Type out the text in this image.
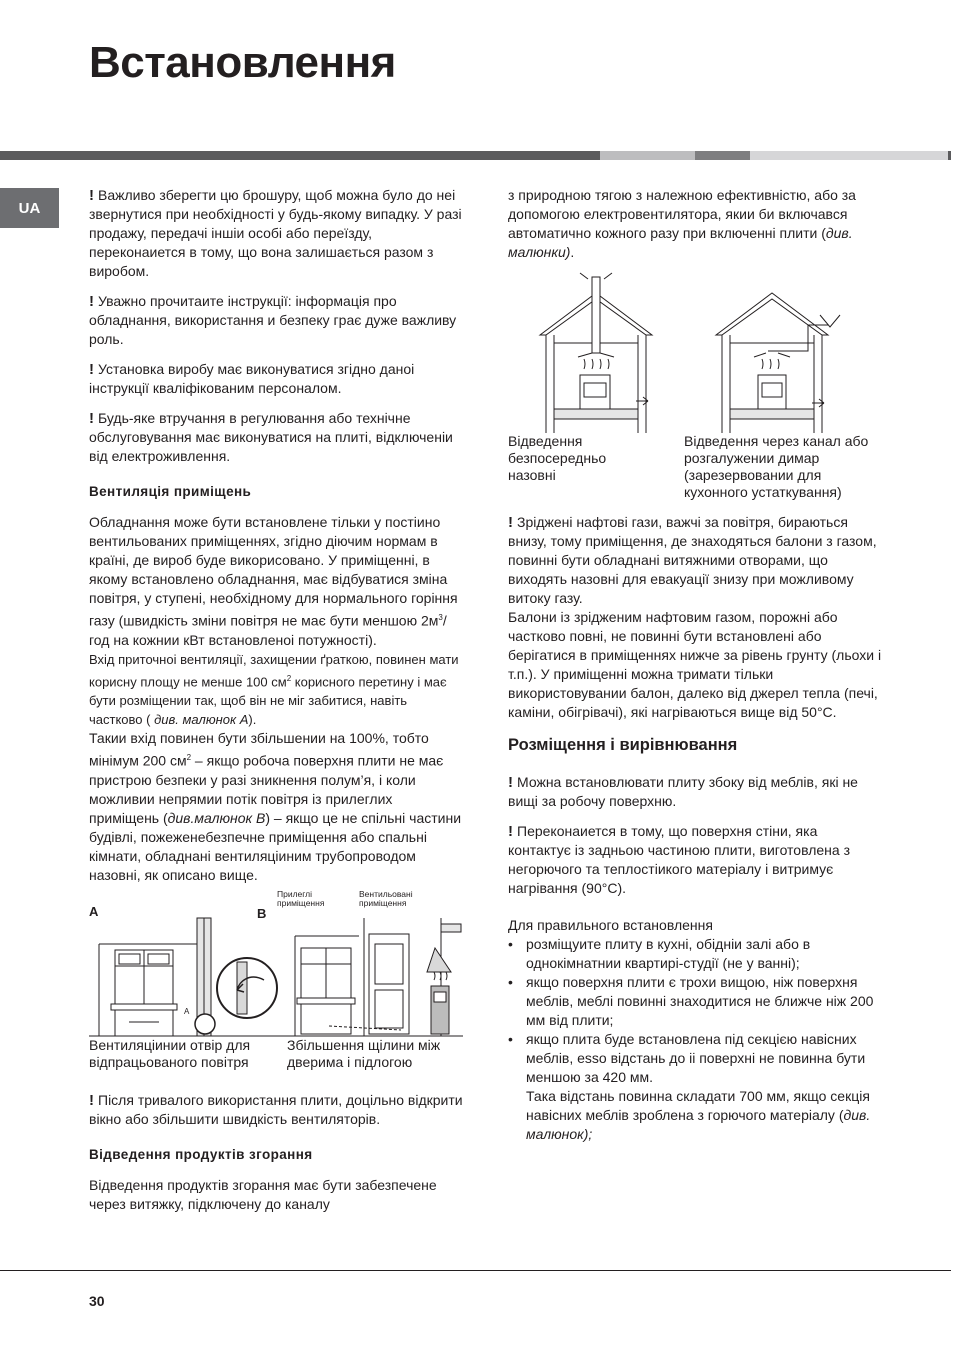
Встановлення
UA

! Важливо зберегти цю брошуру, щоб можна було до неі звернутися при необхідності у будь-якому випадку. У разі продажу, передачі іншіи особі або переїзду, переконаиется в тому, що вона залишається разом з виробом.

! Уважно прочитаите інструкції: інформація про обладнання, використання и безпеку грає дуже важливу роль.

! Установка виробу має виконуватися згідно даноі інструкції кваліфікованим персоналом.

! Будь-яке втручання в регулювання або технічне обслуговування має виконуватися на плиті, відключеніи від електроживлення.

Вентиляція приміщень

Обладнання може бути встановлене тільки у постіино вентильованих приміщеннях, згідно діючим нормам в країні, де вироб буде викорисовано. У приміщенні, в якому встановлено обладнання, має відбуватися зміна повітря, у ступені, необхідному для нормального горіння газу (швидкість зміни повітря не має бути меншою $2м^3$/год на кожнии кВт встановленоі потужності).

Вхід приточноі вентиляції, захищении ґраткою, повинен мати корисну площу не менше 100 $см^2$ корисного перетину і має бути розміщении так, щоб він не міг забитися, навіть частково ( див. малюнок А).

Такии вхід повинен бути збільшении на 100%, тобто мінімум 200 $см^2$ – якщо робоча поверхня плити не має пристрою безпеки у разі зникнення полум’я, і коли можливии непрямии потік повітря із прилеглих приміщень (див.малюнок B) – якщо це не спільні частини будівлі, пожеженебезпечне приміщення або спальні кімнати, обладнані вентиляціиним трубопроводом назовні, як описано вище.

A
A
B
Прилеглі приміщення
Вентильовані приміщення
Вентиляціинии отвір для відпрацьованого повітря
Збільшення щілини між дверима і підлогою

! Після тривалого використання плити, доцільно відкрити вікно або збільшити швидкість вентиляторів.

Відведення продуктів згорання

Відведення продуктів згорання має бути забезпечене через витяжку, підключену до каналу

з природною тягою з належною ефективністю, або за допомогою електровентилятора, якии би включався автоматично кожного разу при включенні плити (див. малюнки).

Відведення безпосередньо назовні
Відведення через канал або розгалужении димар (зарезервовании для кухонного устаткування)

! Зріджені нафтові гази, важчі за повітря, бираються внизу, тому приміщення, де знаходяться балони з газом, повинні бути обладнані витяжними отворами, що виходять назовні для евакуації знизу при можливому витоку газу.

Балони із зрідженим нафтовим газом, порожні або частково повні, не повинні бути встановлені або берігатися в приміщеннях нижче за рівень грунту (льохи і т.п.). У приміщенні можна тримати тільки використовувании балон, далеко від джерел тепла (печі, каміни, обігрівачі), які нагріваються вище від 50°C.

Розміщення і вирівнювання

! Можна встановлювати плиту збоку від меблів, які не вищі за робочу поверхню.

! Переконаиется в тому, що поверхня стіни, яка контактує із задньою частиною плити, виготовлена з негорючого та теплостіикого матеріалу і витримує нагрівання (90°C).

Для правильного встановлення

• розміщуите плиту в кухні, обідніи залі або в однокімнатнии квартирі-студії (не у ванні);
• якщо поверхня плити є трохи вищою, ніж поверхня меблів, меблі повинні знаходитися не ближче ніж 200 мм від плити;
• якщо плита буде встановлена під секцією навісних меблів, esso відстань до іі поверхні не повинна бути меншою за 420 мм.

Така відстань повинна складати 700 мм, якщо секція навісних меблів зроблена з горючого матеріалу (див. малюнок);

30
